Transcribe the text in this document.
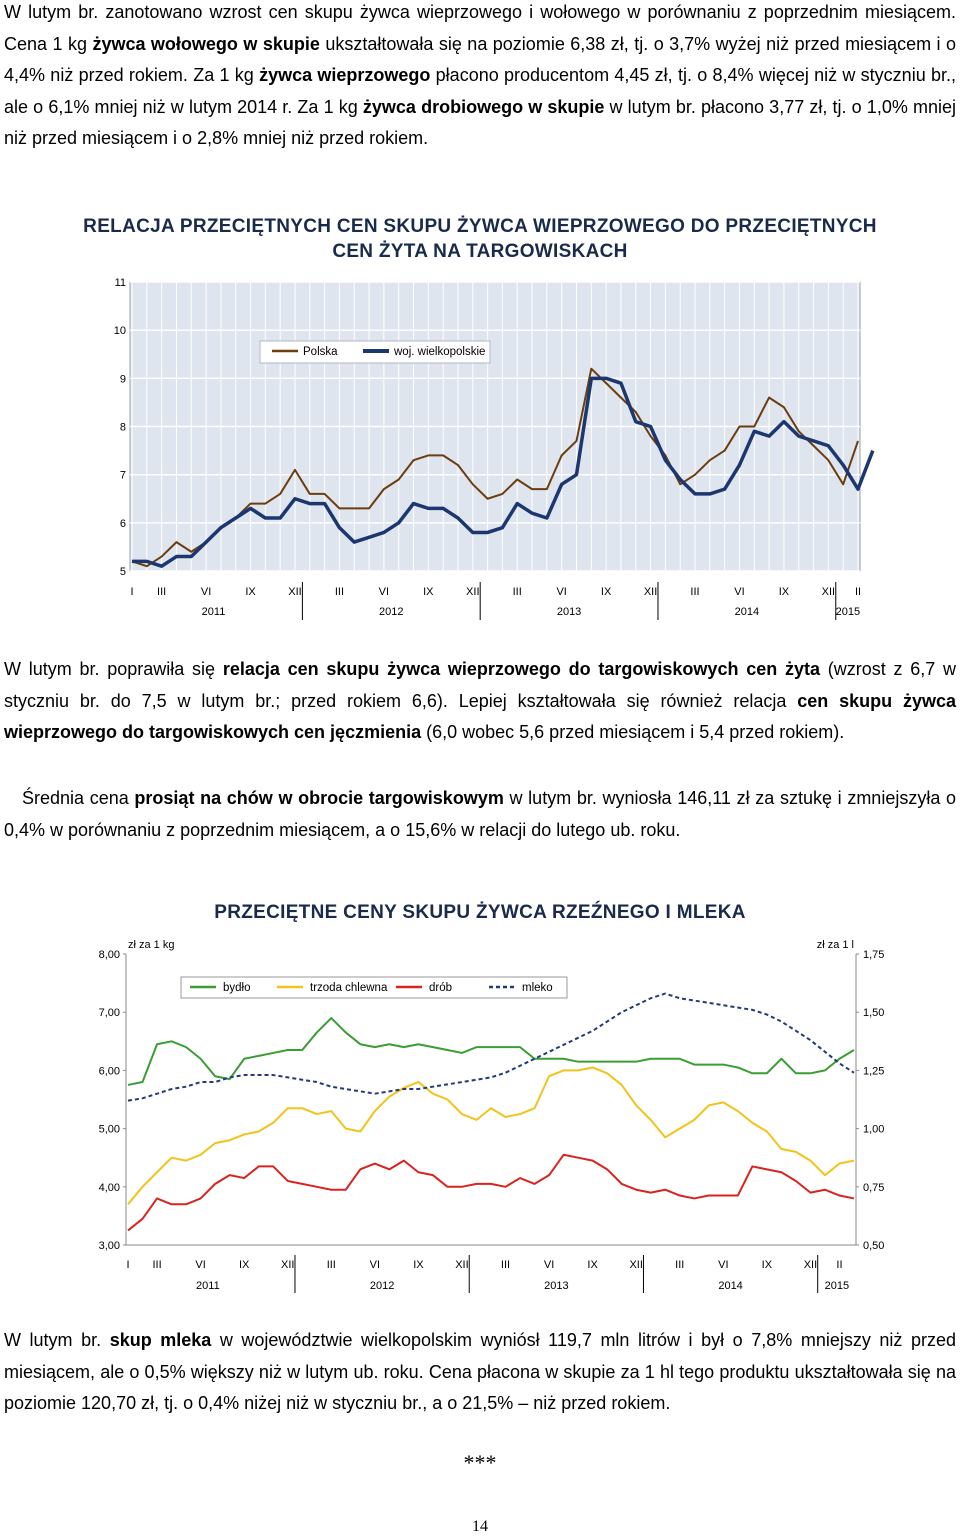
W lutym br. zanotowano wzrost cen skupu żywca wieprzowego i wołowego w porównaniu z poprzednim miesiącem. Cena 1 kg żywca wołowego w skupie ukształtowała się na poziomie 6,38 zł, tj. o 3,7% wyżej niż przed miesiącem i o 4,4% niż przed rokiem. Za 1 kg żywca wieprzowego płacono producentom 4,45 zł, tj. o 8,4% więcej niż w styczniu br., ale o 6,1% mniej niż w lutym 2014 r. Za 1 kg żywca drobiowego w skupie w lutym br. płacono 3,77 zł, tj. o 1,0% mniej niż przed miesiącem i o 2,8% mniej niż przed rokiem.

RELACJA PRZECIĘTNYCH CEN SKUPU ŻYWCA WIEPRZOWEGO DO PRZECIĘTNYCH
CEN ŻYTA NA TARGOWISKACH
5
6
7
8
9
10
11
Polska	woj. wielkopolskie
I III	VI	IX	XII	III	VI	IX	XII	III	VI	IX	XII	III	VI	IX	XII II
2011	2012	2013	2014	2015

W lutym br. poprawiła się relacja cen skupu żywca wieprzowego do targowiskowych cen żyta (wzrost z 6,7 w styczniu br. do 7,5 w lutym br.; przed rokiem 6,6). Lepiej kształtowała się również relacja cen skupu żywca wieprzowego do targowiskowych cen jęczmienia (6,0 wobec 5,6 przed miesiącem i 5,4 przed rokiem).

Średnia cena prosiąt na chów w obrocie targowiskowym w lutym br. wyniosła 146,11 zł za sztukę i zmniejszyła o 0,4% w porównaniu z poprzednim miesiącem, a o 15,6% w relacji do lutego ub. roku.

PRZECIĘTNE CENY SKUPU ŻYWCA RZEŹNEGO I MLEKA
zł za 1 kg	zł za 1 l
3,00
4,00
5,00
6,00
7,00
8,00
0,50
0,75
1,00
1,25
1,50
1,75
bydło	trzoda chlewna	drób	mleko
I III	VI	IX	XII	III	VI	IX	XII	III	VI	IX	XII	III	VI	IX	XII II
2011	2012	2013	2014	2015

W lutym br. skup mleka w województwie wielkopolskim wyniósł 119,7 mln litrów i był o 7,8% mniejszy niż przed miesiącem, ale o 0,5% większy niż w lutym ub. roku. Cena płacona w skupie za 1 hl tego produktu ukształtowała się na poziomie 120,70 zł, tj. o 0,4% niżej niż w styczniu br., a o 21,5% – niż przed rokiem.

***
14
